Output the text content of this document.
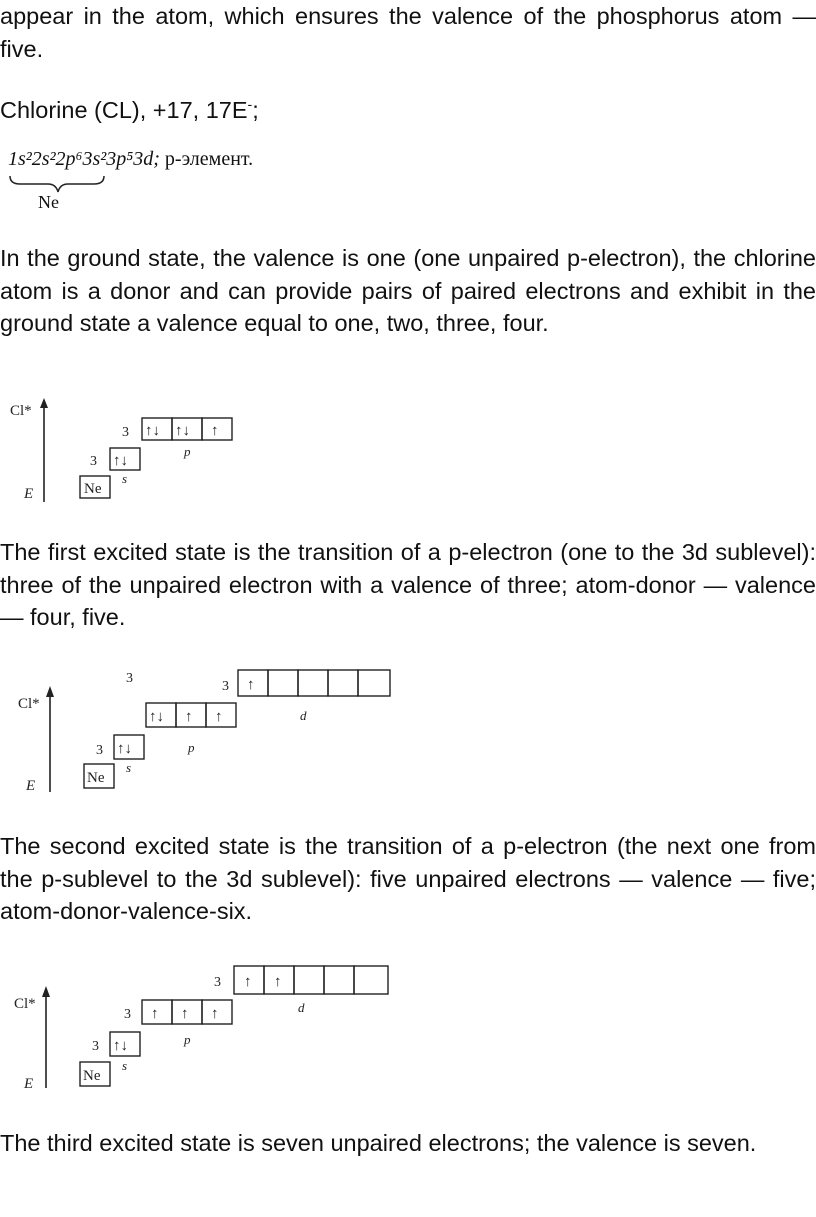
appear in the atom, which ensures the valence of the phosphorus atom — five.

Chlorine (CL), +17, 17E-;

1s²2s²2p⁶3s²3p⁵3d; p-элемент.
Ne

In the ground state, the valence is one (one unpaired p-electron), the chlorine atom is a donor and can provide pairs of paired electrons and exhibit in the ground state a valence equal to one, two, three, four.

Cl*
E	Ne
s
3 ↑↓
p
3 ↑↓ ↑↓ ↑

The first excited state is the transition of a p-electron (one to the 3d sublevel): three of the unpaired electron with a valence of three; atom-donor — valence — four, five.

Cl*
E	Ne
s
3 ↑↓	p
3
↑↓ ↑ ↑	d
3 ↑

The second excited state is the transition of a p-electron (the next one from the p-sublevel to the 3d sublevel): five unpaired electrons — valence — five; atom-donor-valence-six.

Cl*
E	Ne
s
3 ↑↓	p
3 ↑ ↑ ↑	d
3 ↑ ↑

The third excited state is seven unpaired electrons; the valence is seven.
